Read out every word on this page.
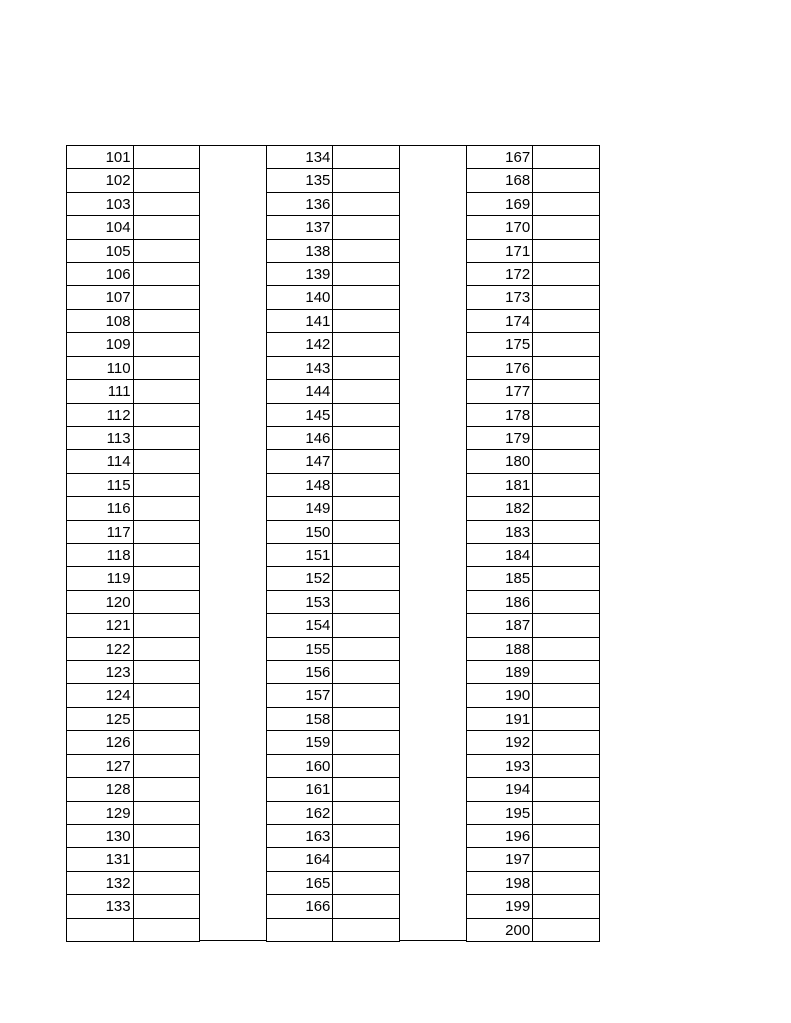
101
102
103
104
105
106
107
108
109
110
111
112
113
114
115
116
117
118
119
120
121
122
123
124
125
126
127
128
129
130
131
132
133
134
135
136
137
138
139
140
141
142
143
144
145
146
147
148
149
150
151
152
153
154
155
156
157
158
159
160
161
162
163
164
165
166
167
168
169
170
171
172
173
174
175
176
177
178
179
180
181
182
183
184
185
186
187
188
189
190
191
192
193
194
195
196
197
198
199
200
